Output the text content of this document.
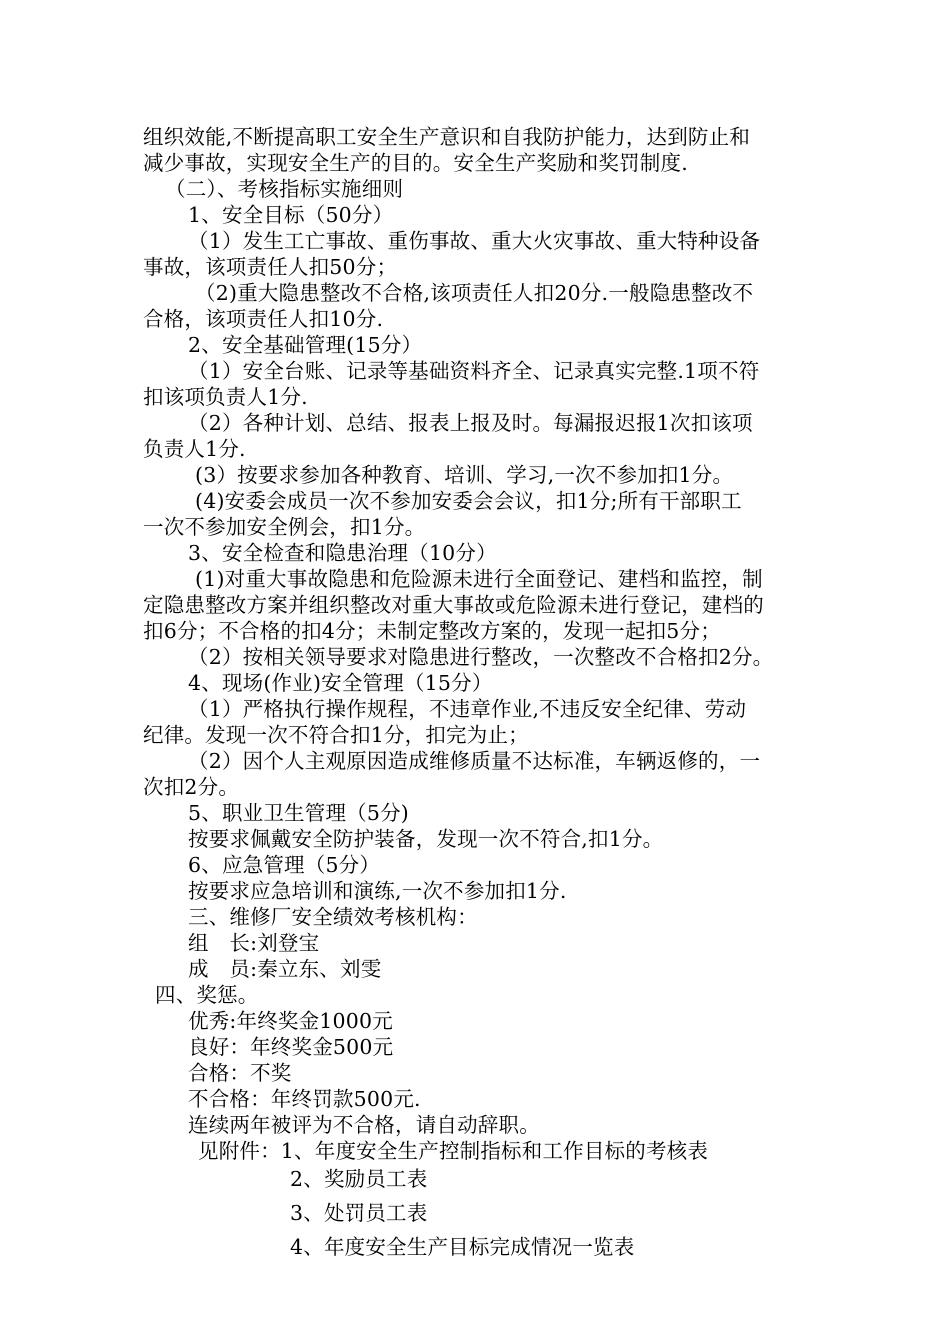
组织效能,不断提高职工安全生产意识和自我防护能力，达到防止和
减少事故，实现安全生产的目的。安全生产奖励和奖罚制度.
（二）、考核指标实施细则
1、安全目标（50分）
（1）发生工亡事故、重伤事故、重大火灾事故、重大特种设备
事故，该项责任人扣50分；
（2)重大隐患整改不合格,该项责任人扣20分.一般隐患整改不
合格，该项责任人扣10分.
2、安全基础管理(15分）
（1）安全台账、记录等基础资料齐全、记录真实完整.1项不符
扣该项负责人1分.
（2）各种计划、总结、报表上报及时。每漏报迟报1次扣该项
负责人1分.
(3）按要求参加各种教育、培训、学习,一次不参加扣1分。
(4)安委会成员一次不参加安委会会议，扣1分;所有干部职工
一次不参加安全例会，扣1分。
3、安全检查和隐患治理（10分）
(1)对重大事故隐患和危险源未进行全面登记、建档和监控，制
定隐患整改方案并组织整改对重大事故或危险源未进行登记，建档的
扣6分；不合格的扣4分；未制定整改方案的，发现一起扣5分；
（2）按相关领导要求对隐患进行整改，一次整改不合格扣2分。
4、现场(作业)安全管理（15分）
（1）严格执行操作规程，不违章作业,不违反安全纪律、劳动
纪律。发现一次不符合扣1分，扣完为止；
（2）因个人主观原因造成维修质量不达标准，车辆返修的，一
次扣2分。
5、职业卫生管理（5分)
按要求佩戴安全防护装备，发现一次不符合,扣1分。
6、应急管理（5分）
按要求应急培训和演练,一次不参加扣1分.
三、维修厂安全绩效考核机构：
组　长:刘登宝
成　员:秦立东、刘雯
四、奖惩。
优秀:年终奖金1000元
良好：年终奖金500元
合格：不奖
不合格：年终罚款500元.
连续两年被评为不合格，请自动辞职。
见附件：1、年度安全生产控制指标和工作目标的考核表
2、奖励员工表
3、处罚员工表
4、年度安全生产目标完成情况一览表
